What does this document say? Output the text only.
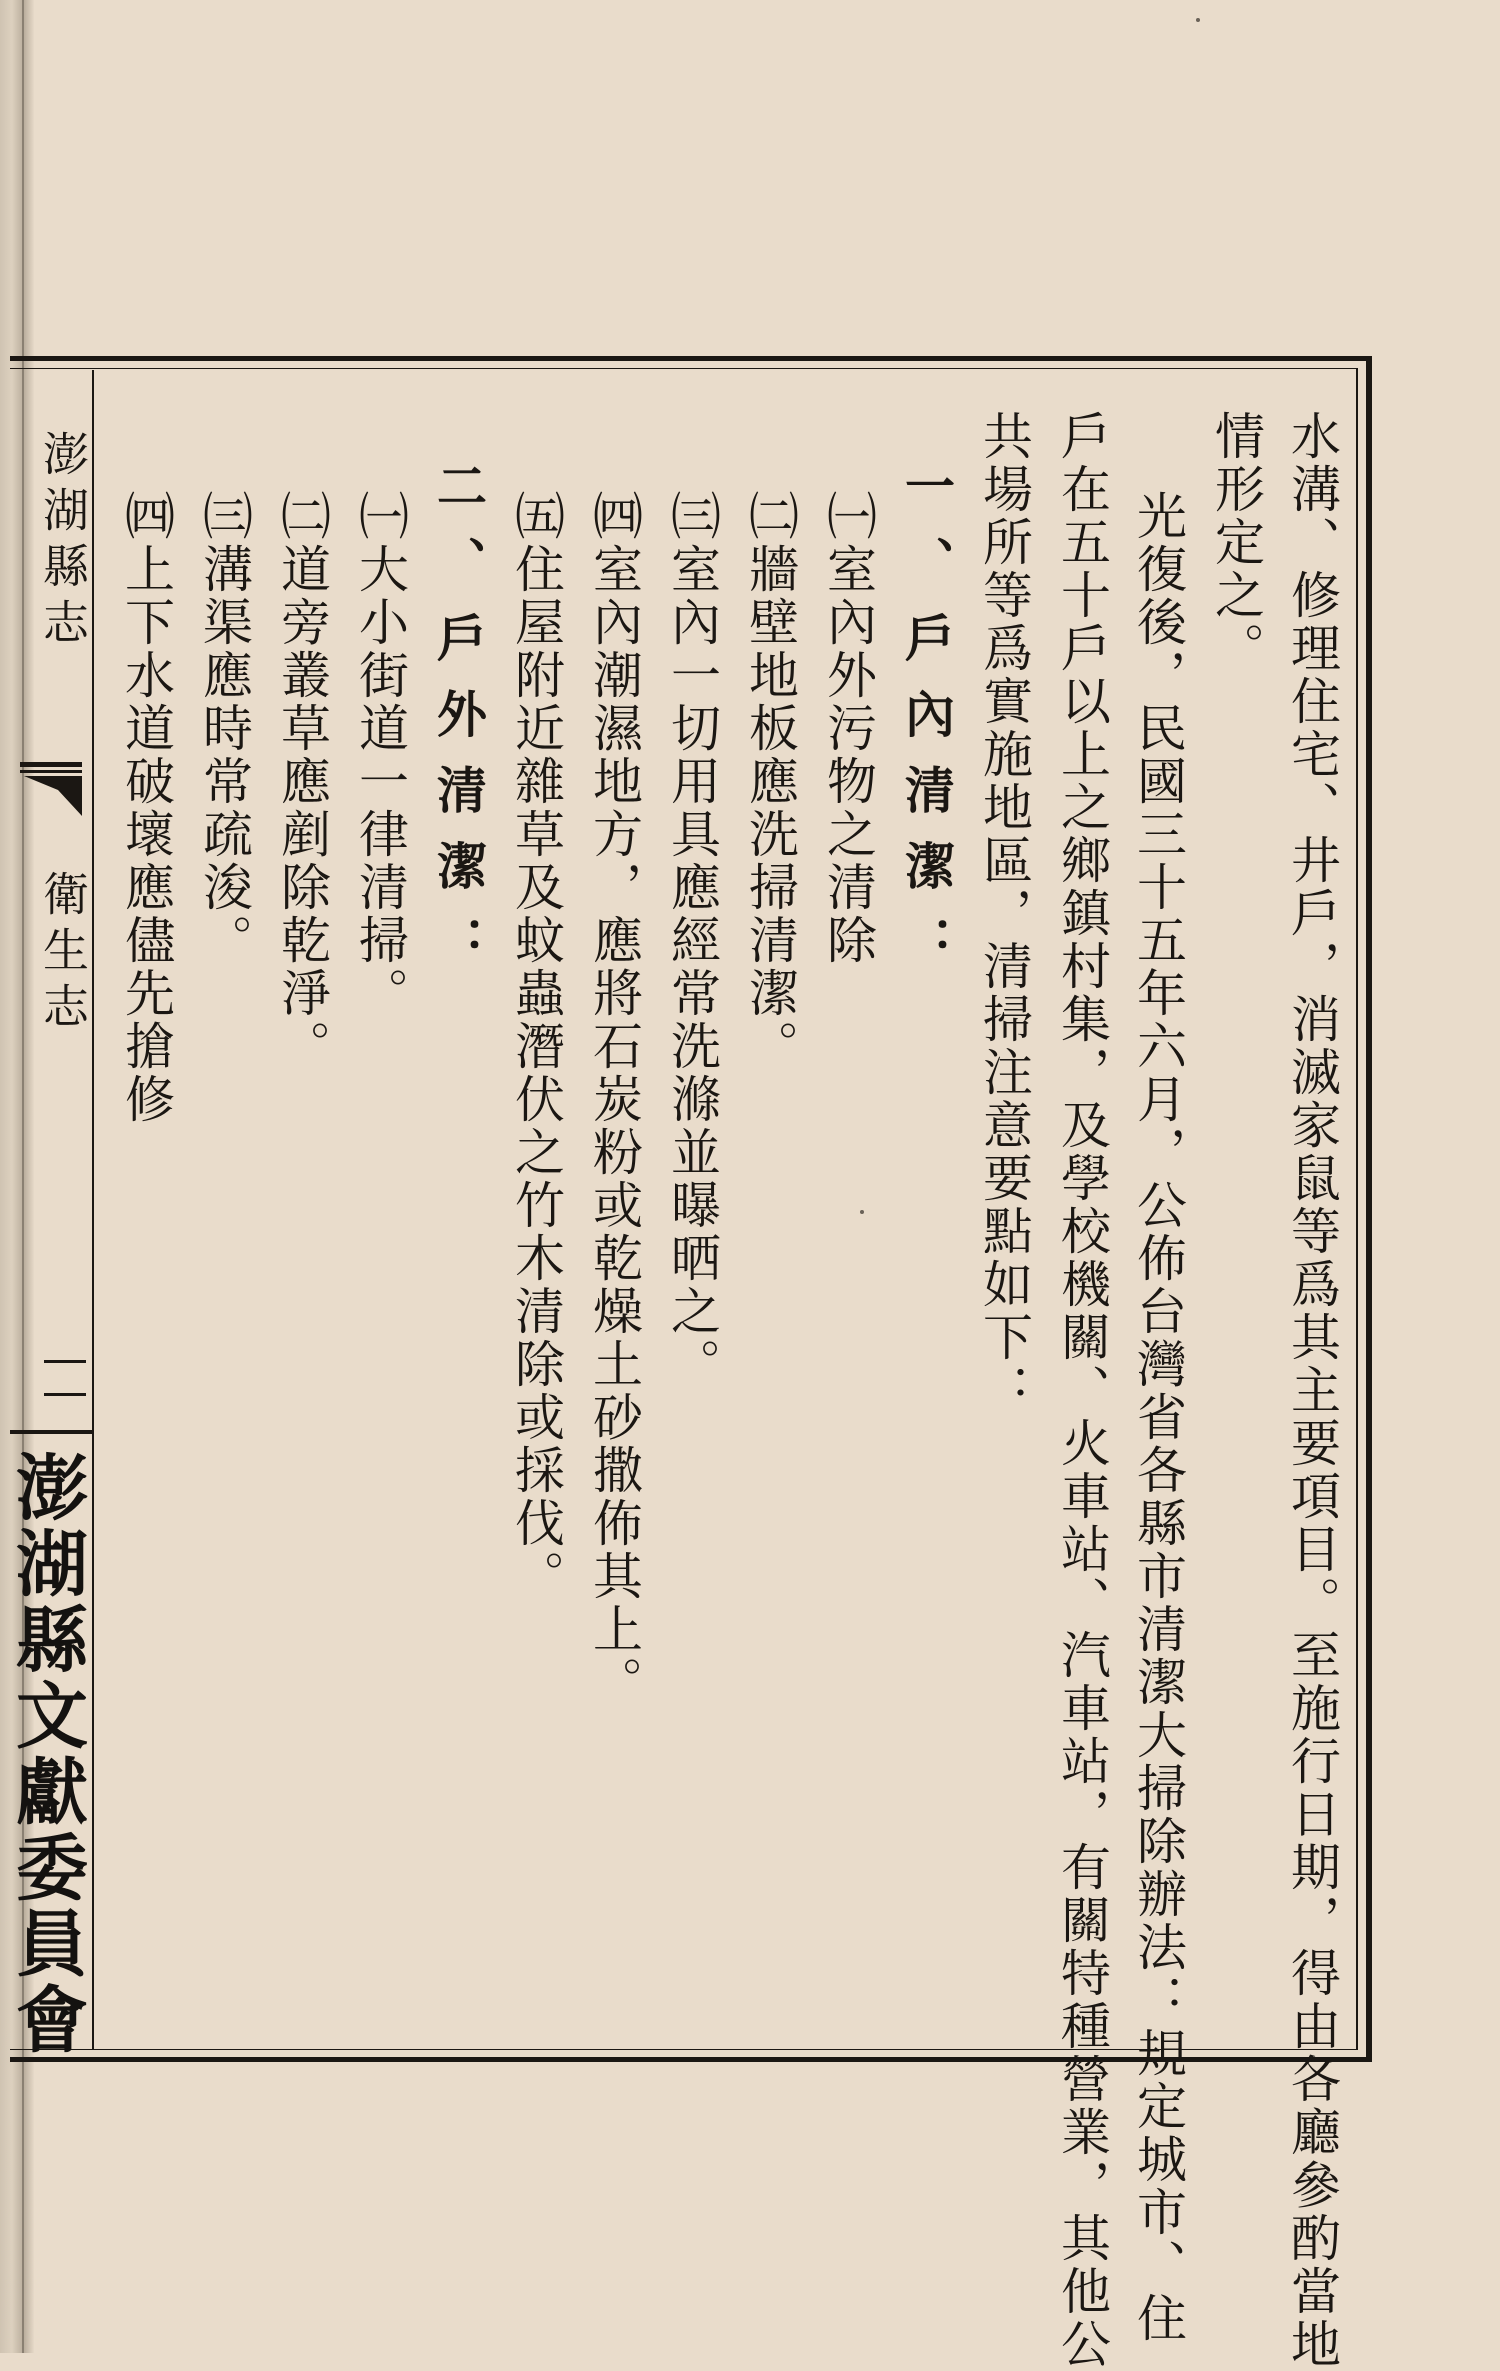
澎湖縣志
衛生志
澎湖縣文獻委員會	水溝、修理住宅、井戶，消滅家鼠等爲其主要項目。至施行日期，得由各廳參酌當地
情形定之。
光復後，民國三十五年六月，公佈台灣省各縣市清潔大掃除辦法：規定城市、住
戶在五十戶以上之鄉鎮村集，及學校機關、火車站、汽車站，有關特種營業，其他公
共場所等爲實施地區，清掃注意要點如下：
一、戶內清潔：
㈠室內外污物之清除
㈡牆壁地板應洗掃清潔。
㈢室內一切用具應經常洗滌並曝晒之。
㈣室內潮濕地方，應將石炭粉或乾燥土砂撒佈其上。
㈤住屋附近雜草及蚊蟲潛伏之竹木清除或採伐。
二、戶外清潔：
㈠大小街道一律清掃。
㈡道旁叢草應剷除乾淨。
㈢溝渠應時常疏浚。
㈣上下水道破壞應儘先搶修
